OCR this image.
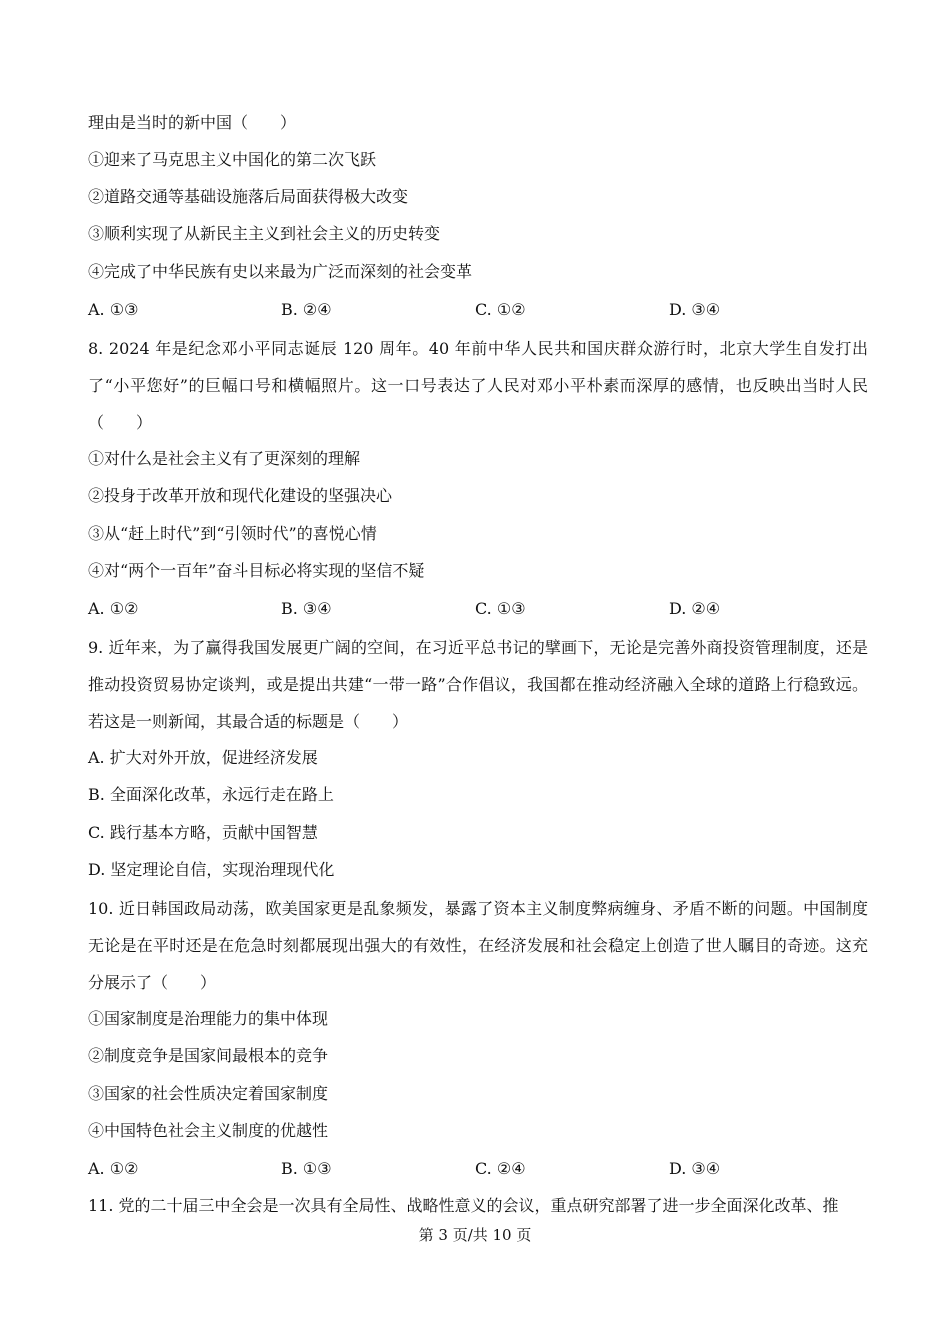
理由是当时的新中国（　　）
①迎来了马克思主义中国化的第二次飞跃
②道路交通等基础设施落后局面获得极大改变
③顺利实现了从新民主主义到社会主义的历史转变
④完成了中华民族有史以来最为广泛而深刻的社会变革
A. ①③	B. ②④	C. ①②	D. ③④
8. 2024 年是纪念邓小平同志诞辰 120 周年。40 年前中华人民共和国庆群众游行时，北京大学生自发打出了“小平您好”的巨幅口号和横幅照片。这一口号表达了人民对邓小平朴素而深厚的感情，也反映出当时人民（　　）
①对什么是社会主义有了更深刻的理解
②投身于改革开放和现代化建设的坚强决心
③从“赶上时代”到“引领时代”的喜悦心情
④对“两个一百年”奋斗目标必将实现的坚信不疑
A. ①②	B. ③④	C. ①③	D. ②④
9. 近年来，为了赢得我国发展更广阔的空间，在习近平总书记的擘画下，无论是完善外商投资管理制度，还是推动投资贸易协定谈判，或是提出共建“一带一路”合作倡议，我国都在推动经济融入全球的道路上行稳致远。若这是一则新闻，其最合适的标题是（　　）
A. 扩大对外开放，促进经济发展
B. 全面深化改革，永远行走在路上
C. 践行基本方略，贡献中国智慧
D. 坚定理论自信，实现治理现代化
10. 近日韩国政局动荡，欧美国家更是乱象频发，暴露了资本主义制度弊病缠身、矛盾不断的问题。中国制度无论是在平时还是在危急时刻都展现出强大的有效性，在经济发展和社会稳定上创造了世人瞩目的奇迹。这充分展示了（　　）
①国家制度是治理能力的集中体现
②制度竞争是国家间最根本的竞争
③国家的社会性质决定着国家制度
④中国特色社会主义制度的优越性
A. ①②	B. ①③	C. ②④	D. ③④
11. 党的二十届三中全会是一次具有全局性、战略性意义的会议，重点研究部署了进一步全面深化改革、推
第 3 页/共 10 页
